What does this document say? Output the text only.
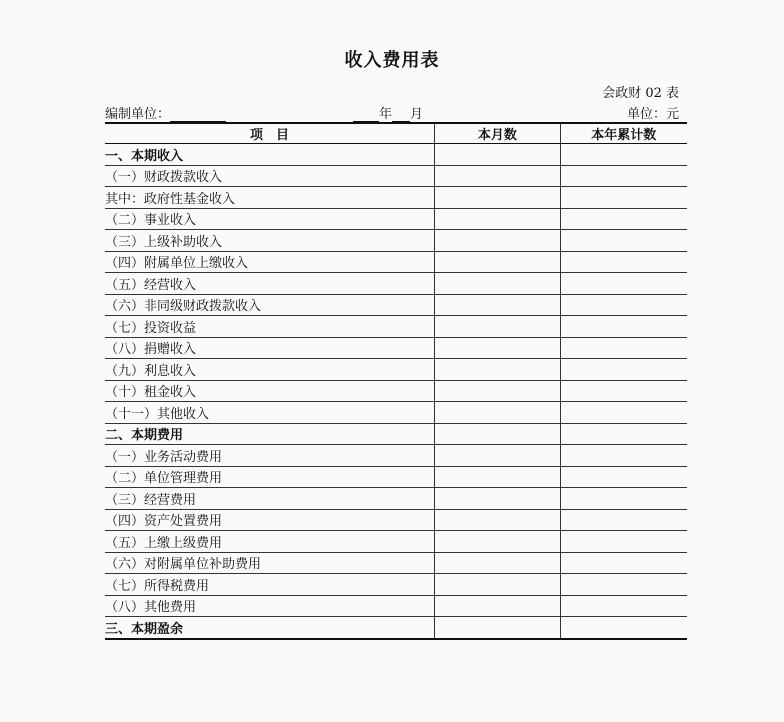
收入费用表
会政财 02 表
编制单位：	年 月	单位：元
项　目	本月数	本年累计数
一、本期收入		
（一）财政拨款收入		
其中：政府性基金收入		
（二）事业收入		
（三）上级补助收入		
（四）附属单位上缴收入		
（五）经营收入		
（六）非同级财政拨款收入		
（七）投资收益		
（八）捐赠收入		
（九）利息收入		
（十）租金收入		
（十一）其他收入		
二、本期费用		
（一）业务活动费用		
（二）单位管理费用		
（三）经营费用		
（四）资产处置费用		
（五）上缴上级费用		
（六）对附属单位补助费用		
（七）所得税费用		
（八）其他费用		
三、本期盈余		
